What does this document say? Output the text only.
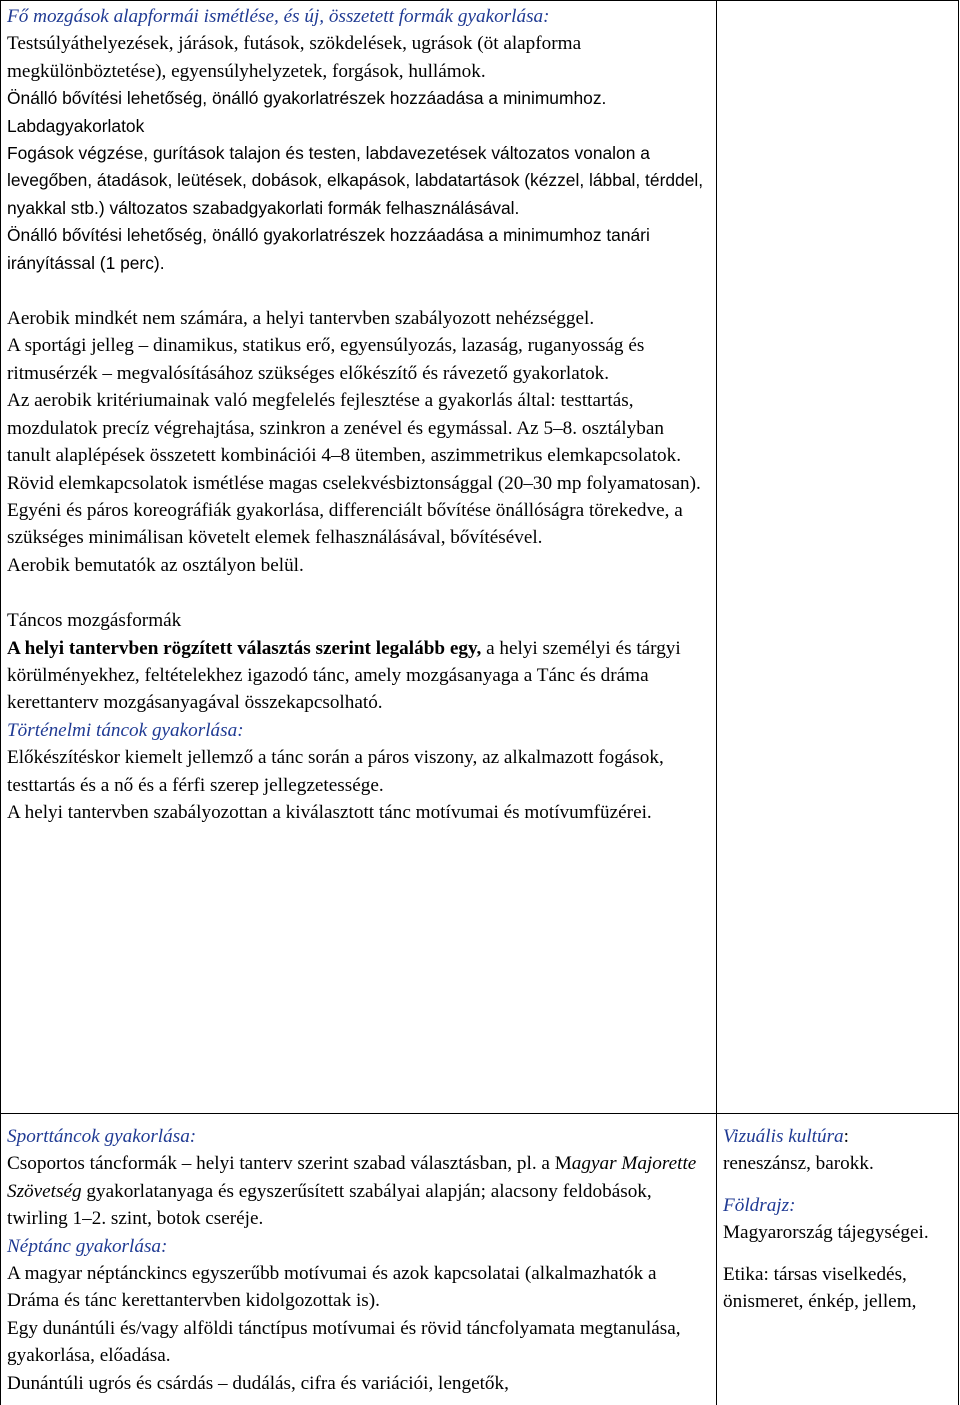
Fő mozgások alapformái ismétlése, és új, összetett formák gyakorlása:

Testsúlyáthelyezések, járások, futások, szökdelések, ugrások (öt alapforma megkülönböztetése), egyensúlyhelyzetek, forgások, hullámok.

Önálló bővítési lehetőség, önálló gyakorlatrészek hozzáadása a minimumhoz.

Labdagyakorlatok

Fogások végzése, gurítások talajon és testen, labdavezetések változatos vonalon a levegőben, átadások, leütések, dobások, elkapások, labdatartások (kézzel, lábbal, térddel, nyakkal stb.) változatos szabadgyakorlati formák felhasználásával.

Önálló bővítési lehetőség, önálló gyakorlatrészek hozzáadása a minimumhoz tanári irányítással (1 perc).

Aerobik mindkét nem számára, a helyi tantervben szabályozott nehézséggel.

A sportági jelleg – dinamikus, statikus erő, egyensúlyozás, lazaság, ruganyosság és ritmusérzék – megvalósításához szükséges előkészítő és rávezető gyakorlatok.

Az aerobik kritériumainak való megfelelés fejlesztése a gyakorlás által: testtartás, mozdulatok precíz végrehajtása, szinkron a zenével és egymással. Az 5–8. osztályban tanult alaplépések összetett kombinációi 4–8 ütemben, aszimmetrikus elemkapcsolatok.

Rövid elemkapcsolatok ismétlése magas cselekvésbiztonsággal (20–30 mp folyamatosan).

Egyéni és páros koreográfiák gyakorlása, differenciált bővítése önállóságra törekedve, a szükséges minimálisan követelt elemek felhasználásával, bővítésével.

Aerobik bemutatók az osztályon belül.

Táncos mozgásformák

A helyi tantervben rögzített választás szerint legalább egy, a helyi személyi és tárgyi körülményekhez, feltételekhez igazodó tánc, amely mozgásanyaga a Tánc és dráma kerettanterv mozgásanyagával összekapcsolható.

Történelmi táncok gyakorlása:

Előkészítéskor kiemelt jellemző a tánc során a páros viszony, az alkalmazott fogások, testtartás és a nő és a férfi szerep jellegzetessége.

A helyi tantervben szabályozottan a kiválasztott tánc motívumai és motívumfüzérei.

Sporttáncok gyakorlása:

Csoportos táncformák – helyi tanterv szerint szabad választásban, pl. a Magyar Majorette Szövetség gyakorlatanyaga és egyszerűsített szabályai alapján; alacsony feldobások, twirling 1–2. szint, botok cseréje.

Néptánc gyakorlása:

A magyar néptánckincs egyszerűbb motívumai és azok kapcsolatai (alkalmazhatók a Dráma és tánc kerettantervben kidolgozottak is).

Egy dunántúli és/vagy alföldi tánctípus motívumai és rövid táncfolyamata megtanulása, gyakorlása, előadása.

Dunántúli ugrós és csárdás – dudálás, cifra és variációi, lengetők,

Vizuális kultúra:

reneszánsz, barokk.

Földrajz:

Magyarország tájegységei.

Etika: társas viselkedés, önismeret, énkép, jellem,
